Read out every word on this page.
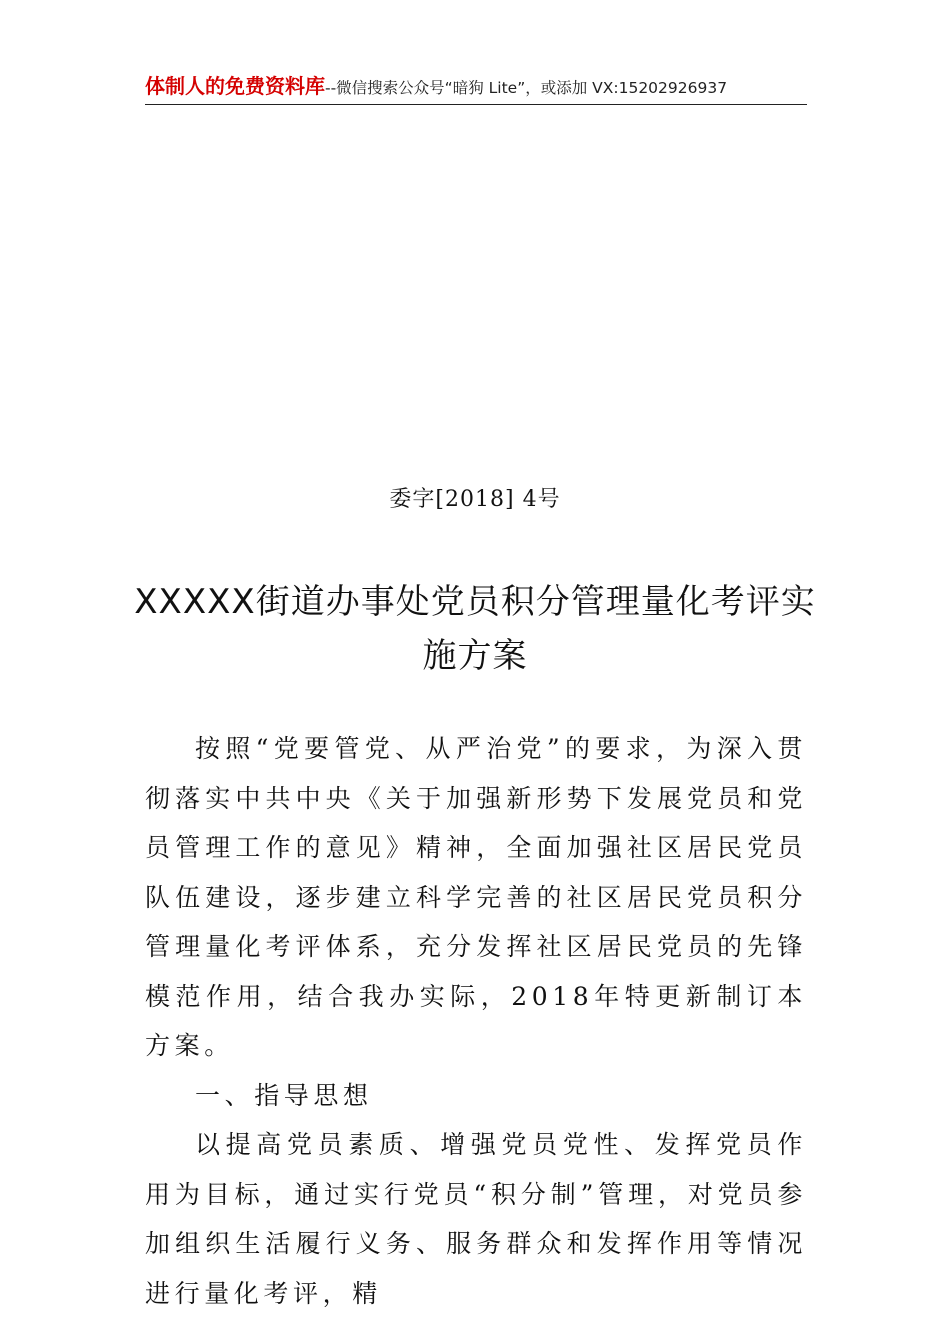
体制人的免费资料库--微信搜索公众号“暗狗 Lite”，或添加 VX:15202926937
委字[2018] 4号
XXXXX街道办事处党员积分管理量化考评实施方案

按照“党要管党、从严治党”的要求，为深入贯彻落实中共中央《关于加强新形势下发展党员和党员管理工作的意见》精神，全面加强社区居民党员队伍建设，逐步建立科学完善的社区居民党员积分管理量化考评体系，充分发挥社区居民党员的先锋模范作用，结合我办实际，2018年特更新制订本方案。

一、指导思想

以提高党员素质、增强党员党性、发挥党员作用为目标，通过实行党员“积分制”管理，对党员参加组织生活履行义务、服务群众和发挥作用等情况进行量化考评，精
